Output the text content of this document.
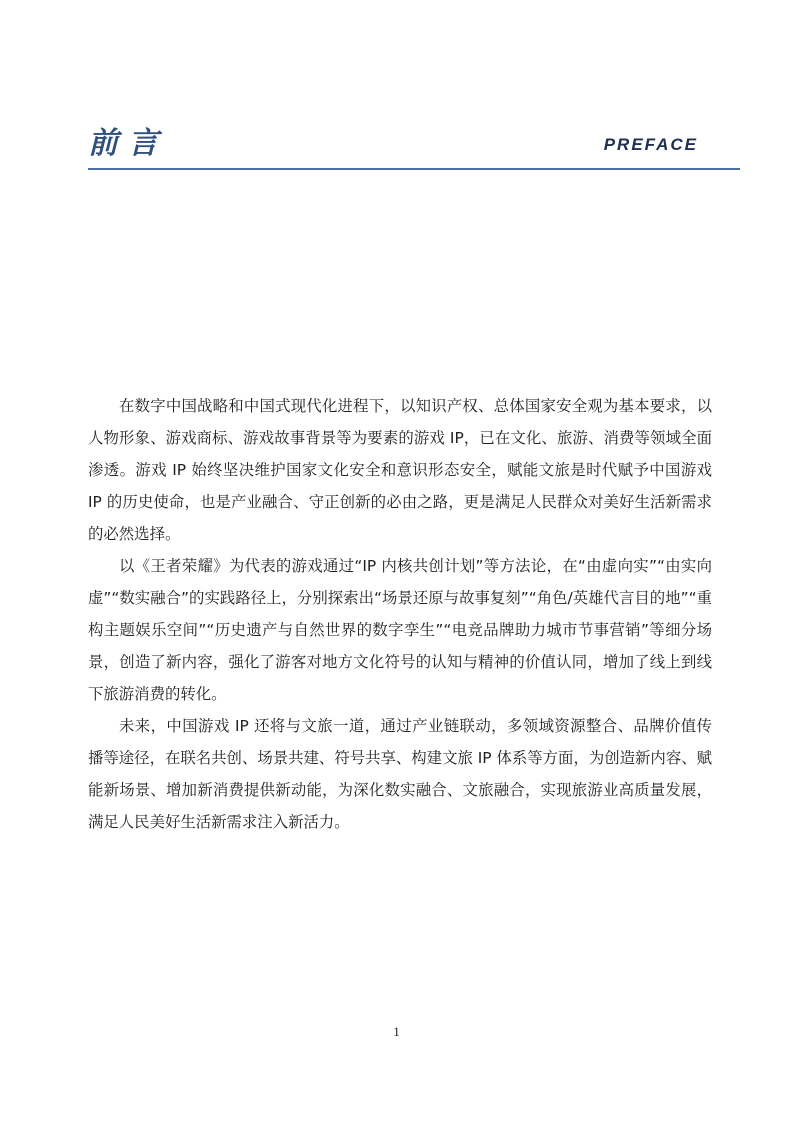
前言	PREFACE

在数字中国战略和中国式现代化进程下，以知识产权、总体国家安全观为基本要求，以人物形象、游戏商标、游戏故事背景等为要素的游戏 IP，已在文化、旅游、消费等领域全面渗透。游戏 IP 始终坚决维护国家文化安全和意识形态安全，赋能文旅是时代赋予中国游戏 IP 的历史使命，也是产业融合、守正创新的必由之路，更是满足人民群众对美好生活新需求的必然选择。

以《王者荣耀》为代表的游戏通过“IP 内核共创计划”等方法论，在“由虚向实”“由实向虚”“数实融合”的实践路径上，分别探索出“场景还原与故事复刻”“角色/英雄代言目的地”“重构主题娱乐空间”“历史遗产与自然世界的数字孪生”“电竞品牌助力城市节事营销”等细分场景，创造了新内容，强化了游客对地方文化符号的认知与精神的价值认同，增加了线上到线下旅游消费的转化。

未来，中国游戏 IP 还将与文旅一道，通过产业链联动，多领域资源整合、品牌价值传播等途径，在联名共创、场景共建、符号共享、构建文旅 IP 体系等方面，为创造新内容、赋能新场景、增加新消费提供新动能，为深化数实融合、文旅融合，实现旅游业高质量发展，满足人民美好生活新需求注入新活力。

1
